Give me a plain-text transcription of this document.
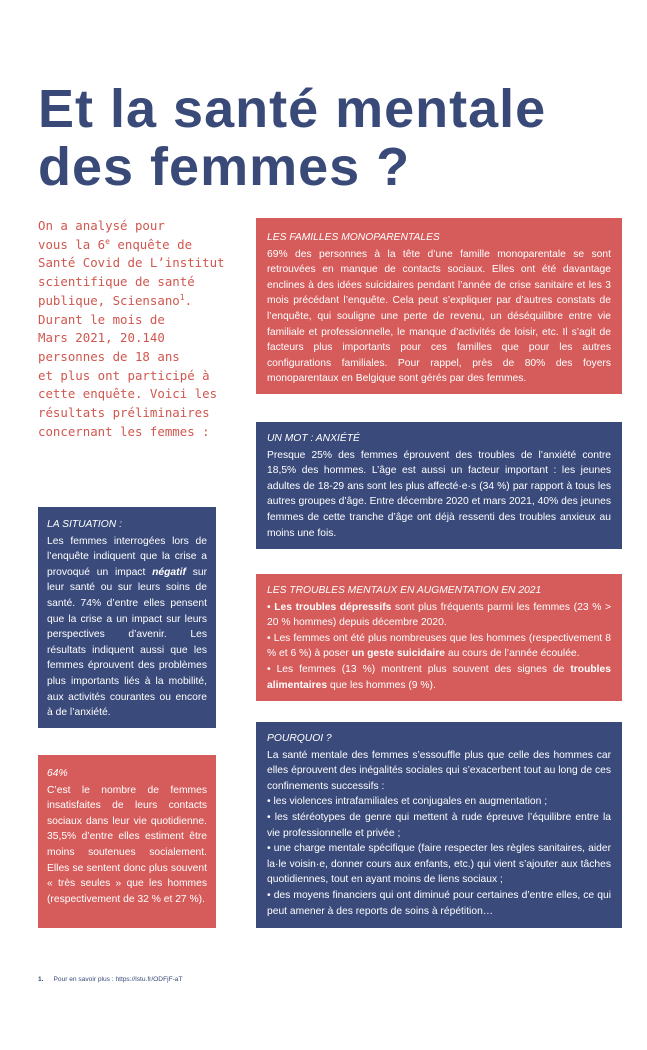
Et la santé mentale
des femmes ?
On a analysé pour
vous la 6e enquête de
Santé Covid de L’institut
scientifique de santé
publique, Sciensano$^1$.
Durant le mois de
Mars 2021, 20.140
personnes de 18 ans
et plus ont participé à
cette enquête. Voici les
résultats préliminaires
concernant les femmes :
LA SITUATION :

Les femmes interrogées lors de l’enquête indiquent que la crise a provoqué un impact négatif sur leur santé ou sur leurs soins de santé. 74% d’entre elles pensent que la crise a un impact sur leurs perspectives d’avenir. Les résultats indiquent aussi que les femmes éprouvent des problèmes plus importants liés à la mobilité, aux activités courantes ou encore à de l’anxiété.

64%

C’est le nombre de femmes insatisfaites de leurs contacts sociaux dans leur vie quotidienne. 35,5% d’entre elles estiment être moins soutenues socialement. Elles se sentent donc plus souvent « très seules » que les hommes (respectivement de 32 % et 27 %).

LES FAMILLES MONOPARENTALES

69% des personnes à la tête d’une famille monoparentale se sont retrouvées en manque de contacts sociaux. Elles ont été davantage enclines à des idées suicidaires pendant l’année de crise sanitaire et les 3 mois précédant l’enquête. Cela peut s’expliquer par d’autres constats de l’enquête, qui souligne une perte de revenu, un déséquilibre entre vie familiale et professionnelle, le manque d’activités de loisir, etc. Il s’agit de facteurs plus importants pour ces familles que pour les autres configurations familiales. Pour rappel, près de 80% des foyers monoparentaux en Belgique sont gérés par des femmes.

UN MOT : ANXIÉTÉ

Presque 25% des femmes éprouvent des troubles de l’anxiété contre 18,5% des hommes. L’âge est aussi un facteur important : les jeunes adultes de 18-29 ans sont les plus affecté·e·s (34 %) par rapport à tous les autres groupes d’âge. Entre décembre 2020 et mars 2021, 40% des jeunes femmes de cette tranche d’âge ont déjà ressenti des troubles anxieux au moins une fois.

LES TROUBLES MENTAUX EN AUGMENTATION EN 2021
• Les troubles dépressifs sont plus fréquents parmi les femmes (23 % > 20 % hommes) depuis décembre 2020.
• Les femmes ont été plus nombreuses que les hommes (respectivement 8 % et 6 %) à poser un geste suicidaire au cours de l’année écoulée.
• Les femmes (13 %) montrent plus souvent des signes de troubles alimentaires que les hommes (9 %).
POURQUOI ?

La santé mentale des femmes s’essouffle plus que celle des hommes car elles éprouvent des inégalités sociales qui s’exacerbent tout au long de ces confinements successifs :

• les violences intrafamiliales et conjugales en augmentation ;
• les stéréotypes de genre qui mettent à rude épreuve l’équilibre entre la vie professionnelle et privée ;
• une charge mentale spécifique (faire respecter les règles sanitaires, aider la·le voisin·e, donner cours aux enfants, etc.) qui vient s’ajouter aux tâches quotidiennes, tout en ayant moins de liens sociaux ;
• des moyens financiers qui ont diminué pour certaines d’entre elles, ce qui peut amener à des reports de soins à répétition…
1. Pour en savoir plus : https://lstu.fr/ODFjF-aT
